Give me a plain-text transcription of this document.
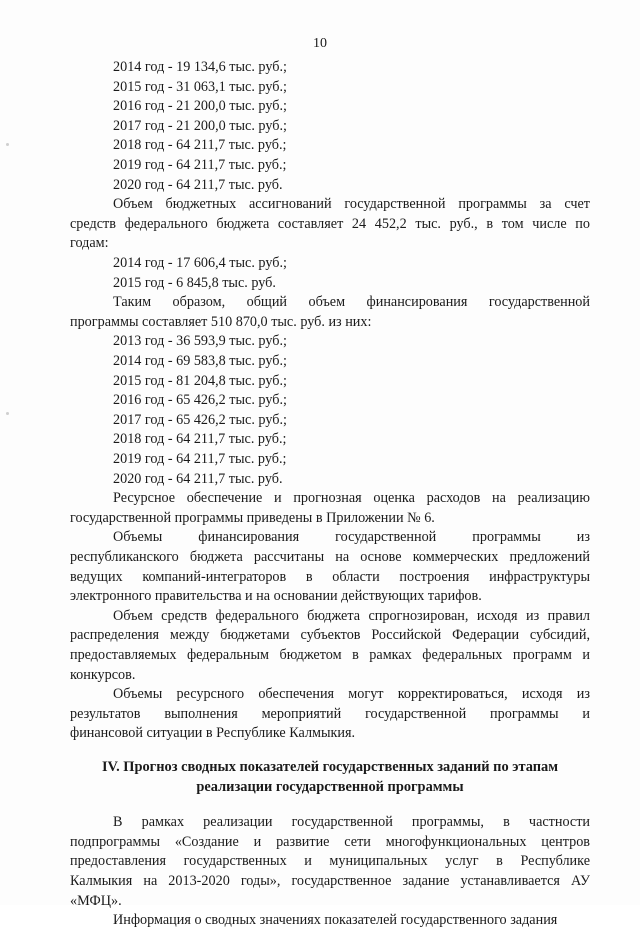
10
2014 год - 19 134,6 тыс. руб.;
2015 год - 31 063,1 тыс. руб.;
2016 год - 21 200,0 тыс. руб.;
2017 год - 21 200,0 тыс. руб.;
2018 год - 64 211,7 тыс. руб.;
2019 год - 64 211,7 тыс. руб.;
2020 год - 64 211,7 тыс. руб.
Объем бюджетных ассигнований государственной программы за счет
средств федерального бюджета составляет 24 452,2 тыс. руб., в том числе по
годам:
2014 год - 17 606,4 тыс. руб.;
2015 год - 6 845,8 тыс. руб.
Таким образом, общий объем финансирования государственной
программы составляет 510 870,0 тыс. руб. из них:
2013 год - 36 593,9 тыс. руб.;
2014 год - 69 583,8 тыс. руб.;
2015 год - 81 204,8 тыс. руб.;
2016 год - 65 426,2 тыс. руб.;
2017 год - 65 426,2 тыс. руб.;
2018 год - 64 211,7 тыс. руб.;
2019 год - 64 211,7 тыс. руб.;
2020 год - 64 211,7 тыс. руб.
Ресурсное обеспечение и прогнозная оценка расходов на реализацию
государственной программы приведены в Приложении № 6.
Объемы финансирования государственной программы из
республиканского бюджета рассчитаны на основе коммерческих предложений
ведущих компаний-интеграторов в области построения инфраструктуры
электронного правительства и на основании действующих тарифов.
Объем средств федерального бюджета спрогнозирован, исходя из правил
распределения между бюджетами субъектов Российской Федерации субсидий,
предоставляемых федеральным бюджетом в рамках федеральных программ и
конкурсов.
IV. Прогноз сводных показателей государственных заданий по этапам
реализации государственной программы
В рамках реализации государственной программы, в частности
подпрограммы «Создание и развитие сети многофункциональных центров
предоставления государственных и муниципальных услуг в Республике
Калмыкия на 2013-2020 годы», государственное задание устанавливается АУ
«МФЦ».
Объемы ресурсного обеспечения могут корректироваться, исходя из
результатов выполнения мероприятий государственной программы и
финансовой ситуации в Республике Калмыкия.
Информация о сводных значениях показателей государственного задания
